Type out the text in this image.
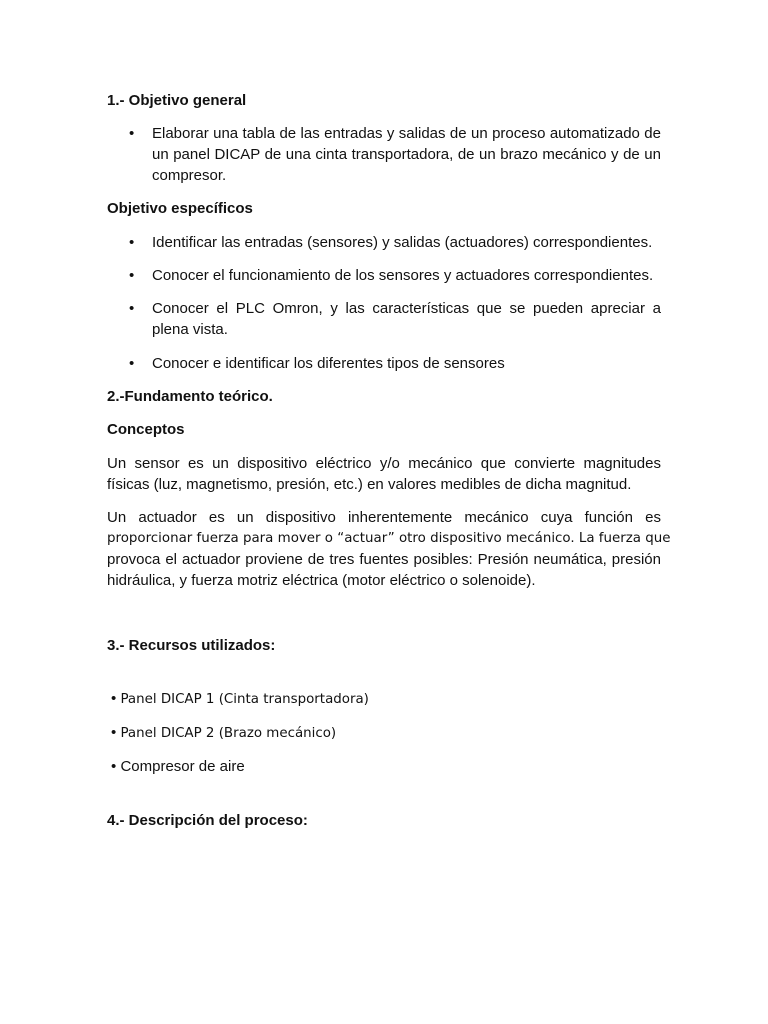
1.- Objetivo general
• Elaborar una tabla de las entradas y salidas de un proceso automatizado de un panel DICAP de una cinta transportadora, de un brazo mecánico y de un compresor.
Objetivo específicos
• Identificar las entradas (sensores) y salidas (actuadores) correspondientes.
• Conocer el funcionamiento de los sensores y actuadores correspondientes.
• Conocer el PLC Omron, y las características que se pueden apreciar a plena vista.
• Conocer e identificar los diferentes tipos de sensores
2.-Fundamento teórico.
Conceptos

Un sensor es un dispositivo eléctrico y/o mecánico que convierte magnitudes físicas (luz, magnetismo, presión, etc.) en valores medibles de dicha magnitud.

Un actuador es un dispositivo inherentemente mecánico cuya función es
proporcionar fuerza para mover o “actuar” otro dispositivo mecánico. La fuerza que
provoca el actuador proviene de tres fuentes posibles: Presión neumática, presión hidráulica, y fuerza motriz eléctrica (motor eléctrico o solenoide).
3.- Recursos utilizados:
• Panel DICAP 1 (Cinta transportadora)
• Panel DICAP 2 (Brazo mecánico)
• Compresor de aire
4.- Descripción del proceso:
